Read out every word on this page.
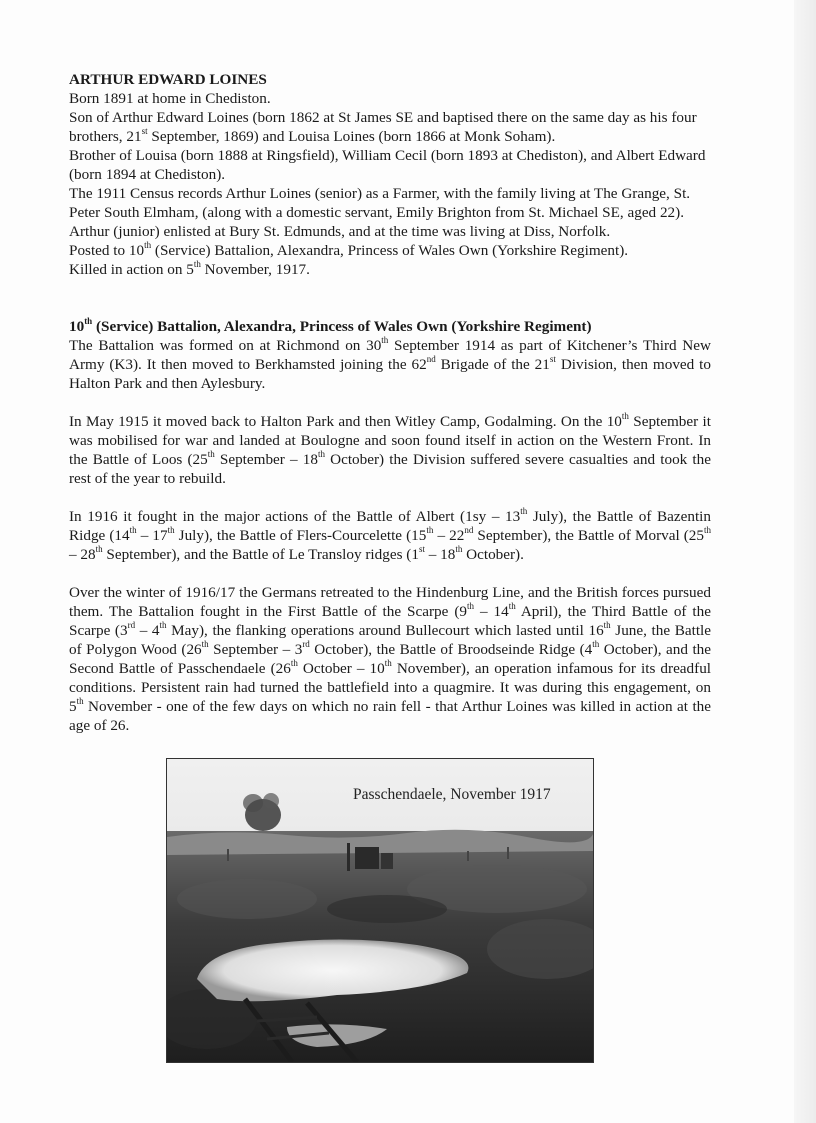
ARTHUR EDWARD LOINES

Born 1891 at home in Chediston.

Son of Arthur Edward Loines (born 1862 at St James SE and baptised there on the same day as his four brothers, 21st September, 1869) and Louisa Loines (born 1866 at Monk Soham).

Brother of Louisa (born 1888 at Ringsfield), William Cecil (born 1893 at Chediston), and Albert Edward (born 1894 at Chediston).

The 1911 Census records Arthur Loines (senior) as a Farmer, with the family living at The Grange, St. Peter South Elmham, (along with a domestic servant, Emily Brighton from St. Michael SE, aged 22).

Arthur (junior) enlisted at Bury St. Edmunds, and at the time was living at Diss, Norfolk.

Posted to 10th (Service) Battalion, Alexandra, Princess of Wales Own (Yorkshire Regiment).

Killed in action on 5th November, 1917.

10th (Service) Battalion, Alexandra, Princess of Wales Own (Yorkshire Regiment)

The Battalion was formed on at Richmond on 30th September 1914 as part of Kitchener’s Third New Army (K3). It then moved to Berkhamsted joining the 62nd Brigade of the 21st Division, then moved to Halton Park and then Aylesbury.

In May 1915 it moved back to Halton Park and then Witley Camp, Godalming. On the 10th September it was mobilised for war and landed at Boulogne and soon found itself in action on the Western Front. In the Battle of Loos (25th September – 18th October) the Division suffered severe casualties and took the rest of the year to rebuild.

In 1916 it fought in the major actions of the Battle of Albert (1sy – 13th July), the Battle of Bazentin Ridge (14th – 17th July), the Battle of Flers-Courcelette (15th – 22nd September), the Battle of Morval (25th – 28th September), and the Battle of Le Transloy ridges (1st – 18th October).

Over the winter of 1916/17 the Germans retreated to the Hindenburg Line, and the British forces pursued them. The Battalion fought in the First Battle of the Scarpe (9th – 14th April), the Third Battle of the Scarpe (3rd – 4th May), the flanking operations around Bullecourt which lasted until 16th June, the Battle of Polygon Wood (26th September – 3rd October), the Battle of Broodseinde Ridge (4th October), and the Second Battle of Passchendaele (26th October – 10th November), an operation infamous for its dreadful conditions. Persistent rain had turned the battlefield into a quagmire. It was during this engagement, on 5th November - one of the few days on which no rain fell - that Arthur Loines was killed in action at the age of 26.

Passchendaele, November 1917
